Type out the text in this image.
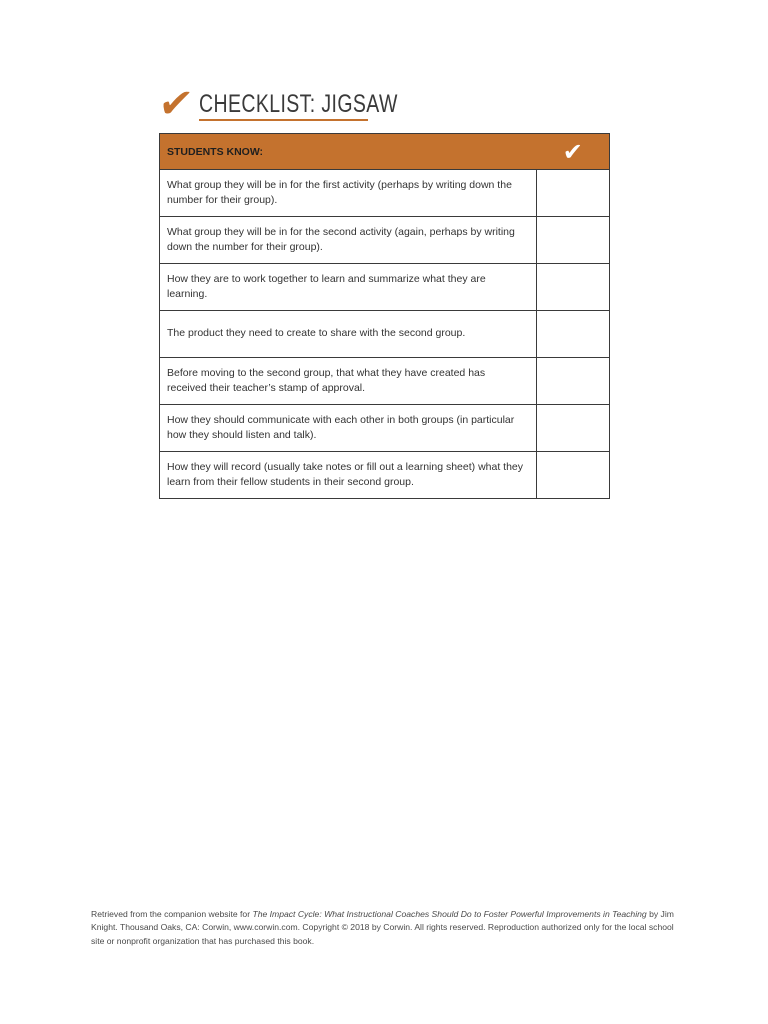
✔ CHECKLIST: JIGSAW
STUDENTS KNOW:	✔
What group they will be in for the first activity (perhaps by writing down the number for their group).	
What group they will be in for the second activity (again, perhaps by writing down the number for their group).	
How they are to work together to learn and summarize what they are learning.	
The product they need to create to share with the second group.	
Before moving to the second group, that what they have created has received their teacher’s stamp of approval.	
How they should communicate with each other in both groups (in particular how they should listen and talk).	
How they will record (usually take notes or fill out a learning sheet) what they learn from their fellow students in their second group.	
Retrieved from the companion website for The Impact Cycle: What Instructional Coaches Should Do to Foster Powerful Improvements in Teaching by Jim Knight. Thousand Oaks, CA: Corwin, www.corwin.com. Copyright © 2018 by Corwin. All rights reserved. Reproduction authorized only for the local school site or nonprofit organization that has purchased this book.
